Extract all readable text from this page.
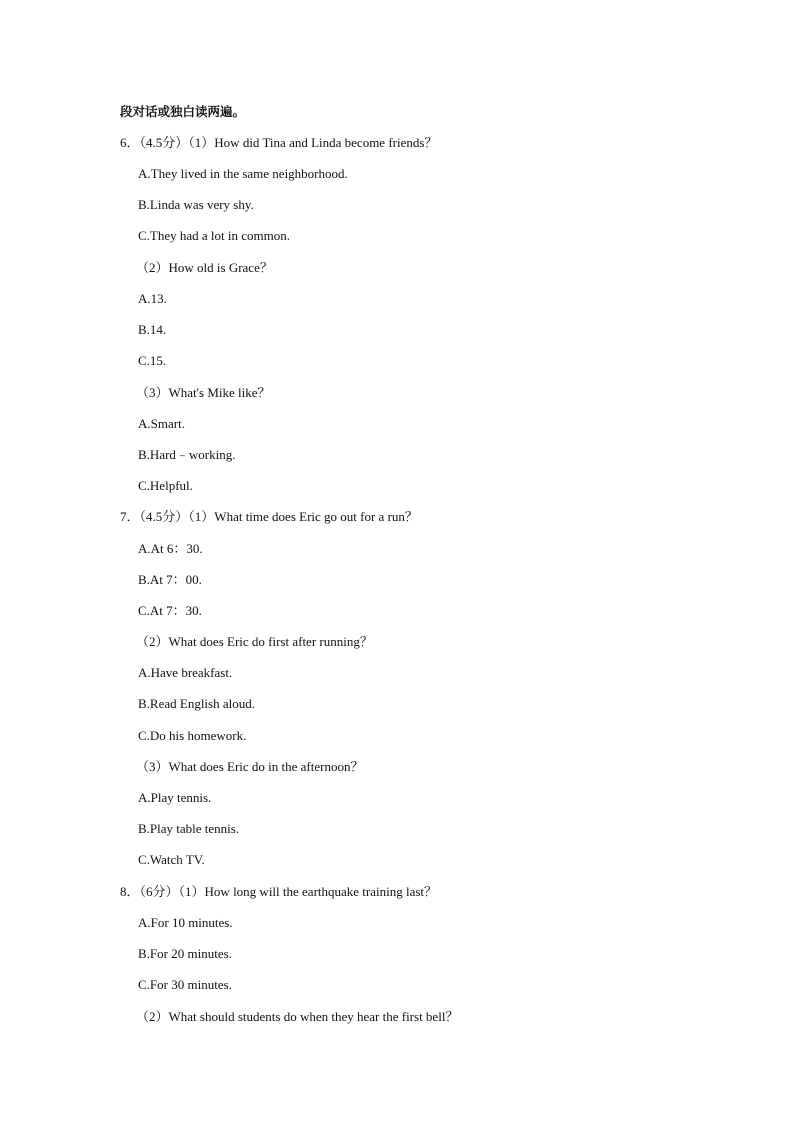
段对话或独白读两遍。
6．（4.5分）（1）How did Tina and Linda become friends？
A.They lived in the same neighborhood.
B.Linda was very shy.
C.They had a lot in common.
（2）How old is Grace？
A.13.
B.14.
C.15.
（3）What's Mike like？
A.Smart.
B.Hard﹣working.
C.Helpful.
7．（4.5分）（1）What time does Eric go out for a run？
A.At 6：30.
B.At 7：00.
C.At 7：30.
（2）What does Eric do first after running？
A.Have breakfast.
B.Read English aloud.
C.Do his homework.
（3）What does Eric do in the afternoon？
A.Play tennis.
B.Play table tennis.
C.Watch TV.
8．（6分）（1）How long will the earthquake training last？
A.For 10 minutes.
B.For 20 minutes.
C.For 30 minutes.
（2）What should students do when they hear the first bell？
